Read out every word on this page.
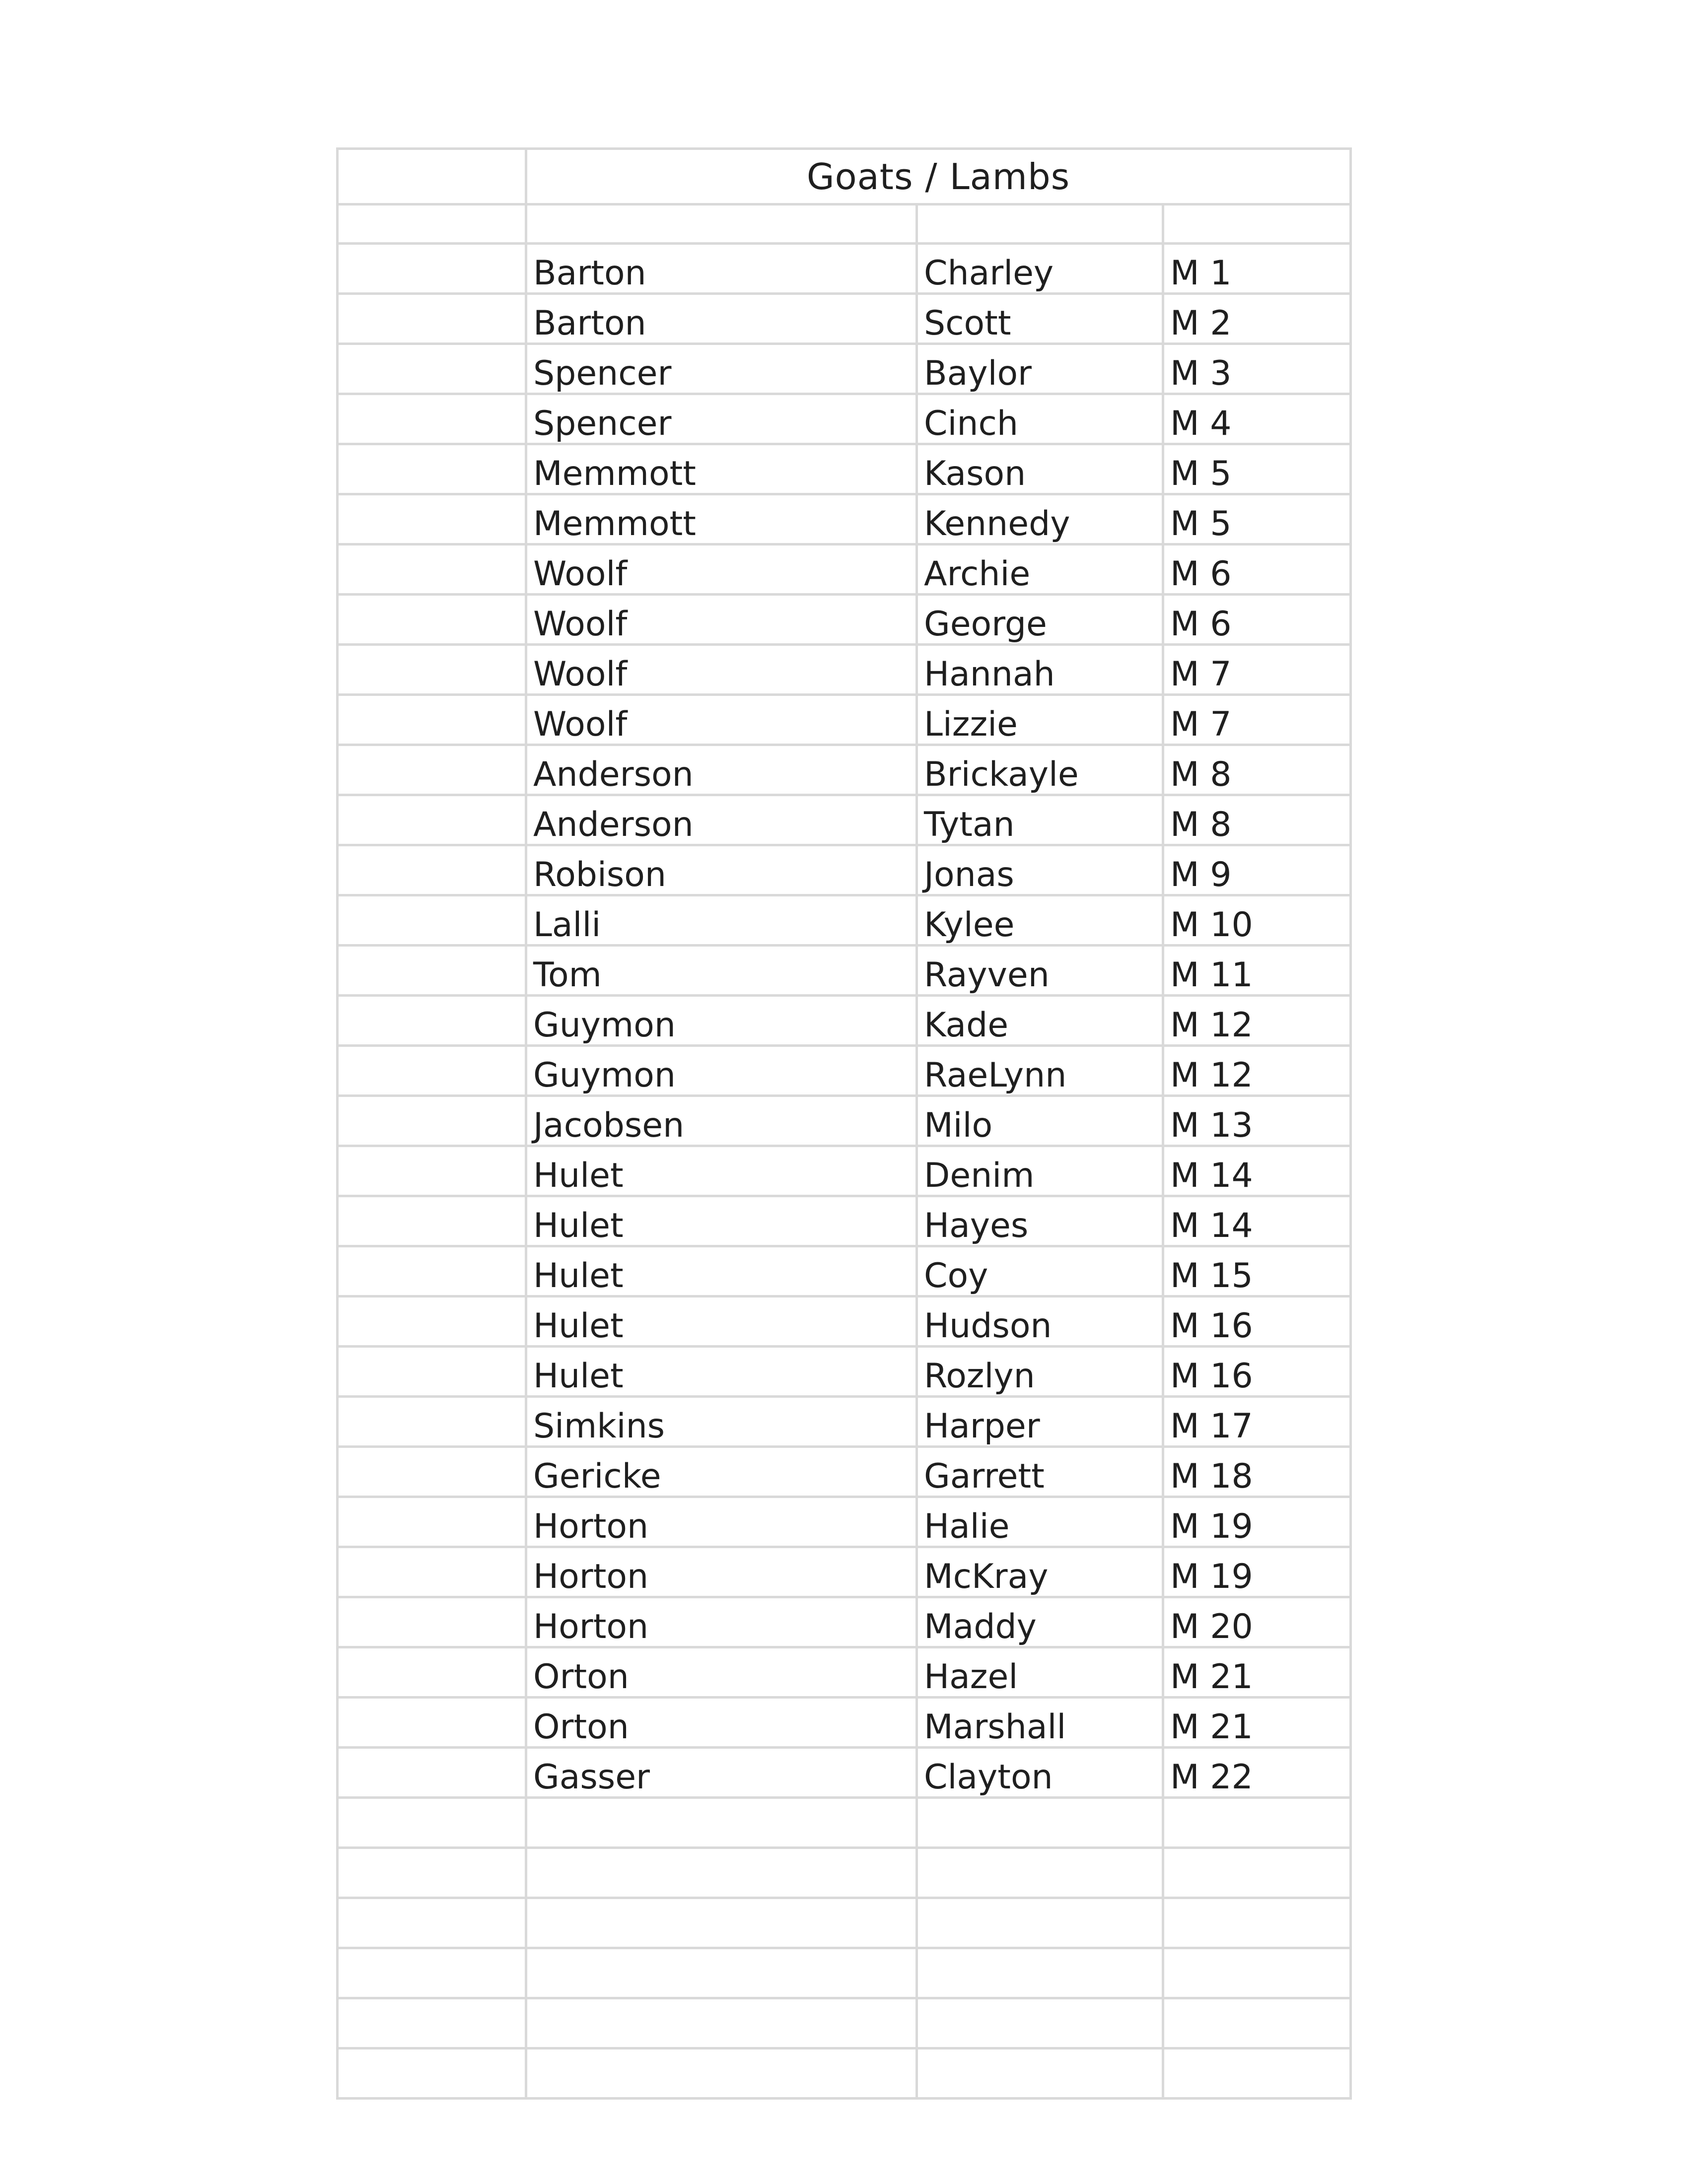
	Goats / Lambs		

	Barton	Charley	M 1
	Barton	Scott	M 2
	Spencer	Baylor	M 3
	Spencer	Cinch	M 4
	Memmott	Kason	M 5
	Memmott	Kennedy	M 5
	Woolf	Archie	M 6
	Woolf	George	M 6
	Woolf	Hannah	M 7
	Woolf	Lizzie	M 7
	Anderson	Brickayle	M 8
	Anderson	Tytan	M 8
	Robison	Jonas	M 9
	Lalli	Kylee	M 10
	Tom	Rayven	M 11
	Guymon	Kade	M 12
	Guymon	RaeLynn	M 12
	Jacobsen	Milo	M 13
	Hulet	Denim	M 14
	Hulet	Hayes	M 14
	Hulet	Coy	M 15
	Hulet	Hudson	M 16
	Hulet	Rozlyn	M 16
	Simkins	Harper	M 17
	Gericke	Garrett	M 18
	Horton	Halie	M 19
	Horton	McKray	M 19
	Horton	Maddy	M 20
	Orton	Hazel	M 21
	Orton	Marshall	M 21
	Gasser	Clayton	M 22
